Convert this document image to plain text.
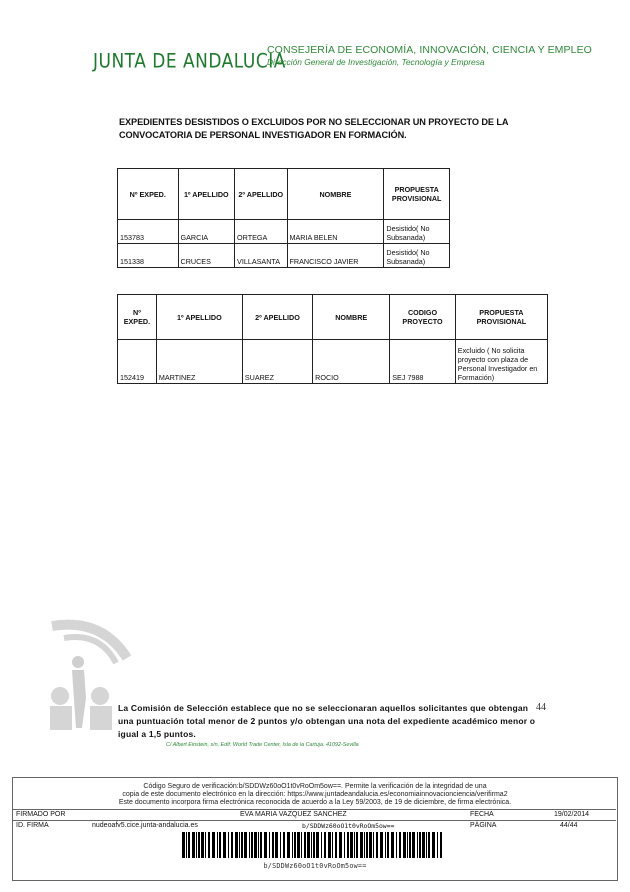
JUNTA DE ANDALUCIA
CONSEJERÍA DE ECONOMÍA, INNOVACIÓN, CIENCIA Y EMPLEO
Dirección General de Investigación, Tecnología y Empresa
EXPEDIENTES DESISTIDOS O EXCLUIDOS POR NO SELECCIONAR UN PROYECTO DE LA CONVOCATORIA DE PERSONAL INVESTIGADOR EN FORMACIÓN.
Nº EXPED.	1º APELLIDO	2º APELLIDO	NOMBRE	PROPUESTA PROVISIONAL
153783	GARCIA	ORTEGA	MARIA BELEN	Desistido( No Subsanada)
151338	CRUCES	VILLASANTA	FRANCISCO JAVIER	Desistido( No Subsanada)
Nº EXPED.	1º APELLIDO	2º APELLIDO	NOMBRE	CODIGO PROYECTO	PROPUESTA PROVISIONAL
152419	MARTINEZ	SUAREZ	ROCIO	SEJ 7988	Excluido ( No solicita proyecto con plaza de Personal Investigador en Formación)
La Comisión de Selección establece que no se seleccionaran aquellos solicitantes que obtengan una puntuación total menor de 2 puntos y/o obtengan una nota del expediente académico menor o igual a 1,5 puntos.
44
C/ Albert Einstein, s/n, Edif. World Trade Center, Isla de la Cartuja. 41092-Sevilla
Código Seguro de verificación:b/SDDWz60oO1t0vRoOm5ow==. Permite la verificación de la integridad de una
copia de este documento electrónico en la dirección: https://www.juntadeandalucia.es/economiainnovacionciencia/verifirma2
Este documento incorpora firma electrónica reconocida de acuerdo a la Ley 59/2003, de 19 de diciembre, de firma electrónica.
FIRMADO POR	EVA MARIA VAZQUEZ SANCHEZ	FECHA	19/02/2014
ID. FIRMA	nudeoafv5.cice.junta-andalucia.es	b/SDDWz60oO1t0vRoOm5ow==	PÁGINA	44/44
b/SDDWz60oO1t0vRoOm5ow==
